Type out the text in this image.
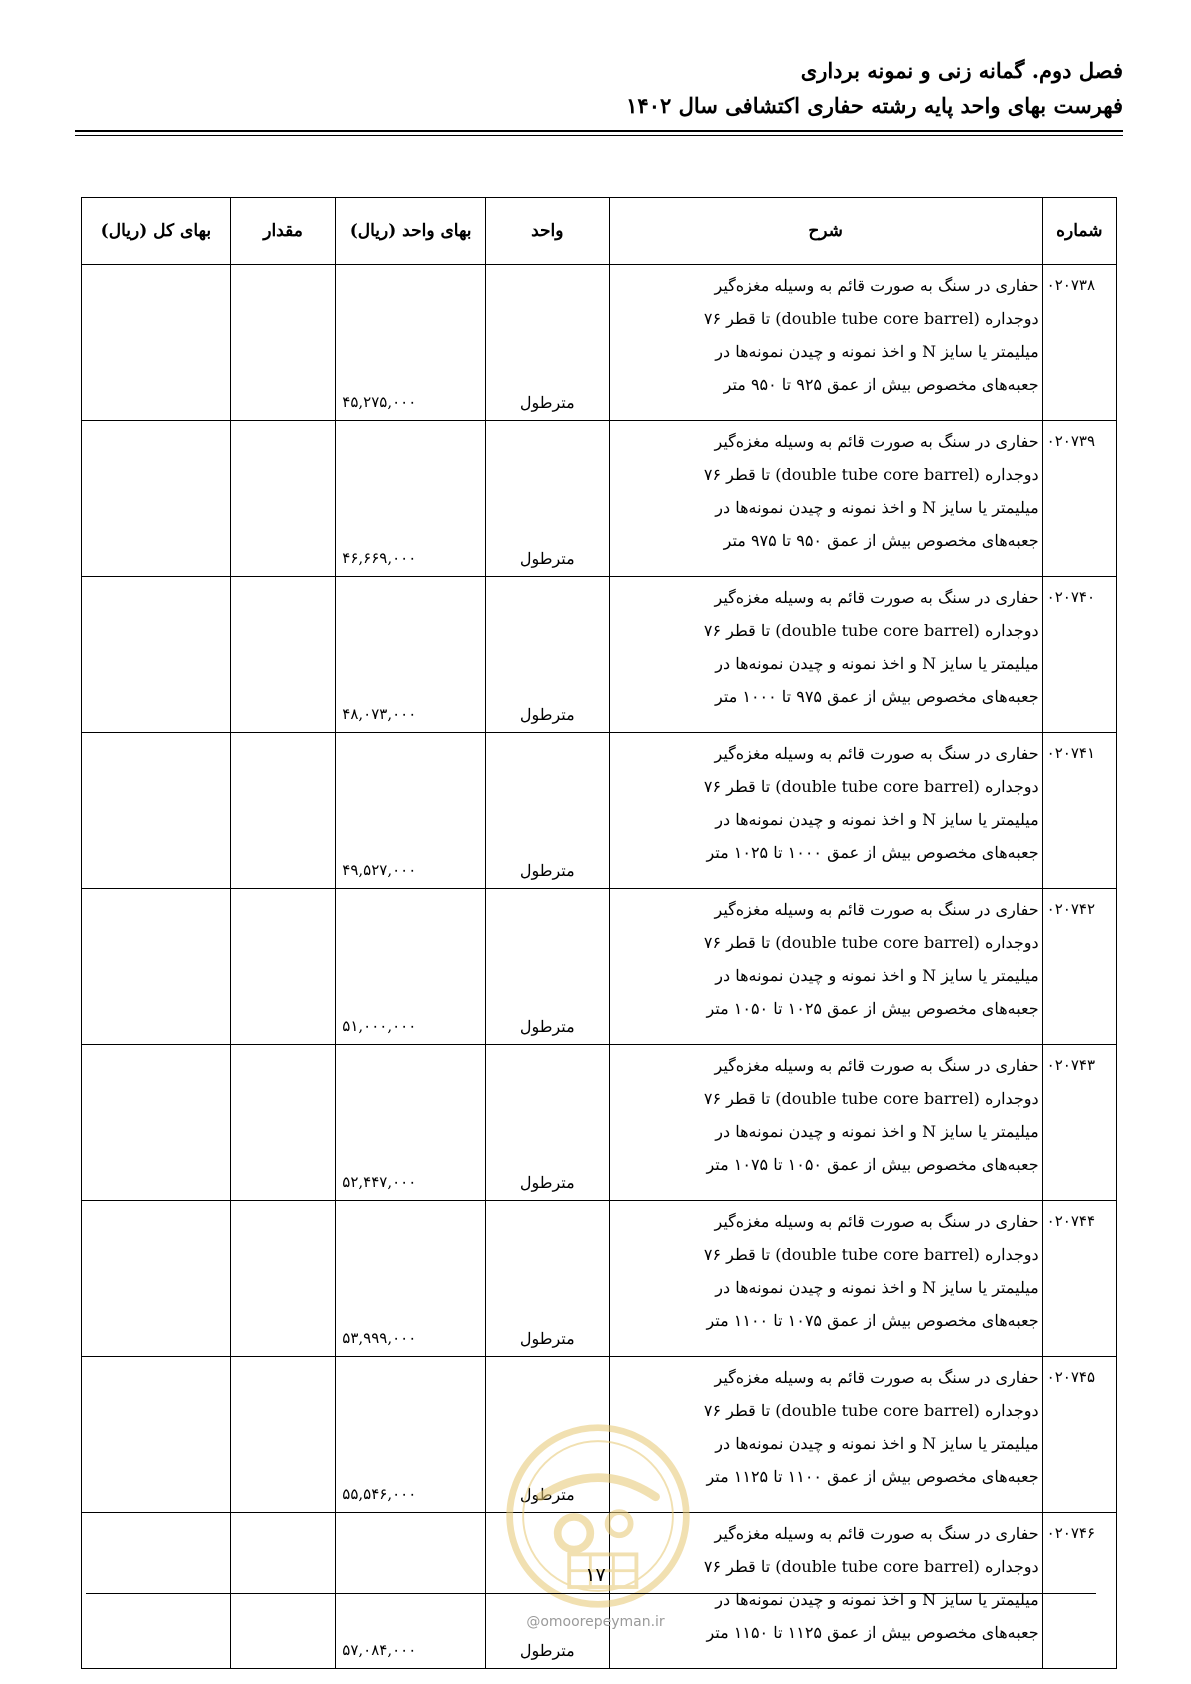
فصل دوم. گمانه زنی و نمونه برداری
فهرست بهای واحد پایه رشته حفاری اکتشافی سال ۱۴۰۲
شماره	شرح	واحد	بهای واحد (ریال)	مقدار	بهای کل (ریال)
۰۲۰۷۳۸	حفاری در سنگ به صورت قائم به وسیله مغزه‌گیر
دوجداره (double tube core barrel) تا قطر ۷۶
میلیمتر یا سایز N و اخذ نمونه و چیدن نمونه‌ها در
جعبه‌های مخصوص بیش از عمق ۹۲۵ تا ۹۵۰ متر	مترطول	۴۵,۲۷۵,۰۰۰		
۰۲۰۷۳۹	حفاری در سنگ به صورت قائم به وسیله مغزه‌گیر
دوجداره (double tube core barrel) تا قطر ۷۶
میلیمتر یا سایز N و اخذ نمونه و چیدن نمونه‌ها در
جعبه‌های مخصوص بیش از عمق ۹۵۰ تا ۹۷۵ متر	مترطول	۴۶,۶۶۹,۰۰۰		
۰۲۰۷۴۰	حفاری در سنگ به صورت قائم به وسیله مغزه‌گیر
دوجداره (double tube core barrel) تا قطر ۷۶
میلیمتر یا سایز N و اخذ نمونه و چیدن نمونه‌ها در
جعبه‌های مخصوص بیش از عمق ۹۷۵ تا ۱۰۰۰ متر	مترطول	۴۸,۰۷۳,۰۰۰		
۰۲۰۷۴۱	حفاری در سنگ به صورت قائم به وسیله مغزه‌گیر
دوجداره (double tube core barrel) تا قطر ۷۶
میلیمتر یا سایز N و اخذ نمونه و چیدن نمونه‌ها در
جعبه‌های مخصوص بیش از عمق ۱۰۰۰ تا ۱۰۲۵ متر	مترطول	۴۹,۵۲۷,۰۰۰		
۰۲۰۷۴۲	حفاری در سنگ به صورت قائم به وسیله مغزه‌گیر
دوجداره (double tube core barrel) تا قطر ۷۶
میلیمتر یا سایز N و اخذ نمونه و چیدن نمونه‌ها در
جعبه‌های مخصوص بیش از عمق ۱۰۲۵ تا ۱۰۵۰ متر	مترطول	۵۱,۰۰۰,۰۰۰		
۰۲۰۷۴۳	حفاری در سنگ به صورت قائم به وسیله مغزه‌گیر
دوجداره (double tube core barrel) تا قطر ۷۶
میلیمتر یا سایز N و اخذ نمونه و چیدن نمونه‌ها در
جعبه‌های مخصوص بیش از عمق ۱۰۵۰ تا ۱۰۷۵ متر	مترطول	۵۲,۴۴۷,۰۰۰		
۰۲۰۷۴۴	حفاری در سنگ به صورت قائم به وسیله مغزه‌گیر
دوجداره (double tube core barrel) تا قطر ۷۶
میلیمتر یا سایز N و اخذ نمونه و چیدن نمونه‌ها در
جعبه‌های مخصوص بیش از عمق ۱۰۷۵ تا ۱۱۰۰ متر	مترطول	۵۳,۹۹۹,۰۰۰		
۰۲۰۷۴۵	حفاری در سنگ به صورت قائم به وسیله مغزه‌گیر
دوجداره (double tube core barrel) تا قطر ۷۶
میلیمتر یا سایز N و اخذ نمونه و چیدن نمونه‌ها در
جعبه‌های مخصوص بیش از عمق ۱۱۰۰ تا ۱۱۲۵ متر	مترطول	۵۵,۵۴۶,۰۰۰		
۰۲۰۷۴۶	حفاری در سنگ به صورت قائم به وسیله مغزه‌گیر
دوجداره (double tube core barrel) تا قطر ۷۶
میلیمتر یا سایز N و اخذ نمونه و چیدن نمونه‌ها در
جعبه‌های مخصوص بیش از عمق ۱۱۲۵ تا ۱۱۵۰ متر	مترطول	۵۷,۰۸۴,۰۰۰		
۱۷
@omoorepeyman.ir
